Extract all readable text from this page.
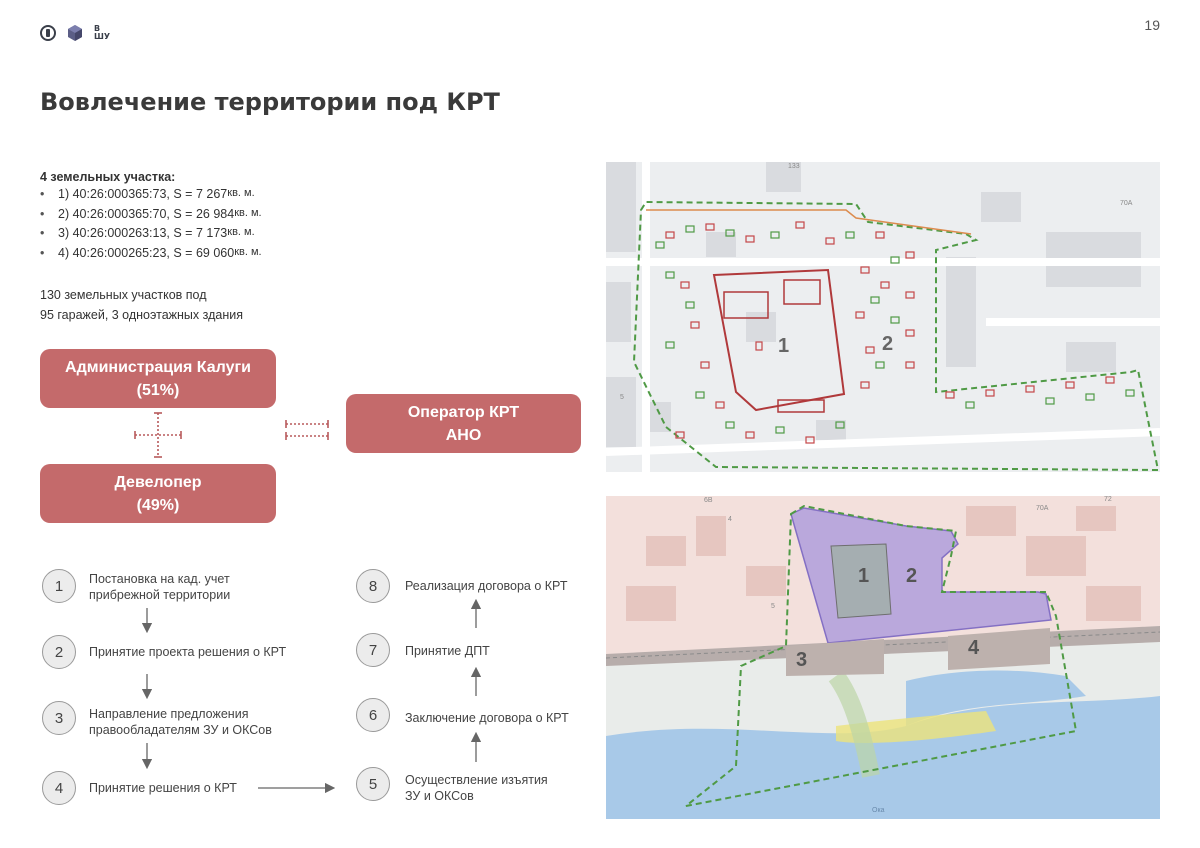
В
ШУ
19
Вовлечение территории под КРТ
4 земельных участка:
•	1) 40:26:000365:73, S = 7 267 кв. м.
•	2) 40:26:000365:70, S = 26 984 кв. м.
•	3) 40:26:000263:13, S = 7 173 кв. м.
•	4) 40:26:000265:23, S = 69 060 кв. м.
130 земельных участков под
95 гаражей, 3 одноэтажных здания
Администрация Калуги
(51%)
Девелопер
(49%)
Оператор КРТ
АНО
1	Постановка на кад. учет
прибрежной территории
2	Принятие проекта решения о КРТ
3	Направление предложения
правообладателям ЗУ и ОКСов
4	Принятие решения о КРТ	5	Осуществление изъятия
ЗУ и ОКСов
6	Заключение договора о КРТ
7	Принятие ДПТ
8	Реализация договора о КРТ
1	2
133
70А
5
1 2
3
4
6В
4
70А
72
5
Ока
